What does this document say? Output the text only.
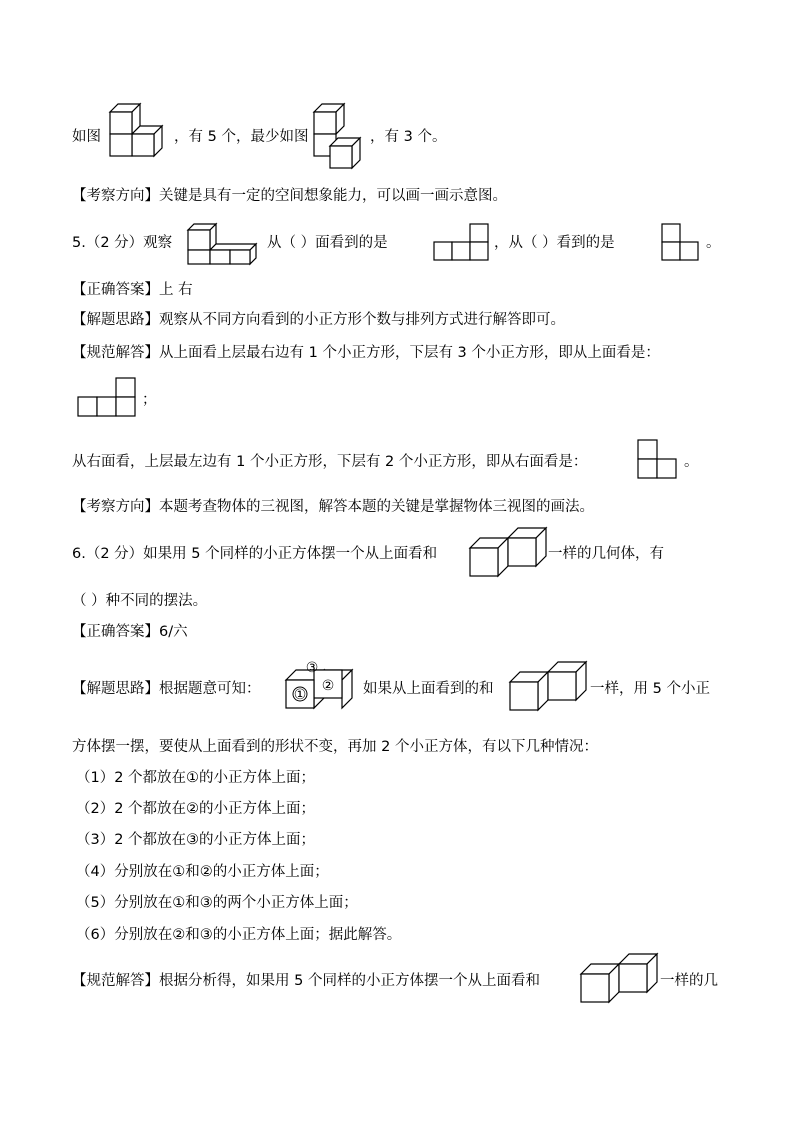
如图	，有 5 个，最少如图	，有 3 个。
【考察方向】关键是具有一定的空间想象能力，可以画一画示意图。
5.（2 分）观察	从（ ）面看到的是	，从（ ）看到的是	。
【正确答案】上 右
【解题思路】观察从不同方向看到的小正方形个数与排列方式进行解答即可。
【规范解答】从上面看上层最右边有 1 个小正方形，下层有 3 个小正方形，即从上面看是：
；
从右面看，上层最左边有 1 个小正方形，下层有 2 个小正方形，即从右面看是：	。
【考察方向】本题考查物体的三视图，解答本题的关键是掌握物体三视图的画法。
6.（2 分）如果用 5 个同样的小正方体摆一个从上面看和	一样的几何体，有
（ ）种不同的摆法。
【正确答案】6/六
【解题思路】根据题意可知： ①
②
③
如果从上面看到的和	一样，用 5 个小正
方体摆一摆，要使从上面看到的形状不变，再加 2 个小正方体，有以下几种情况：
（1）2 个都放在①的小正方体上面；
（2）2 个都放在②的小正方体上面；
（3）2 个都放在③的小正方体上面；
（4）分别放在①和②的小正方体上面；
（5）分别放在①和③的两个小正方体上面；
（6）分别放在②和③的小正方体上面；据此解答。
【规范解答】根据分析得，如果用 5 个同样的小正方体摆一个从上面看和	一样的几
